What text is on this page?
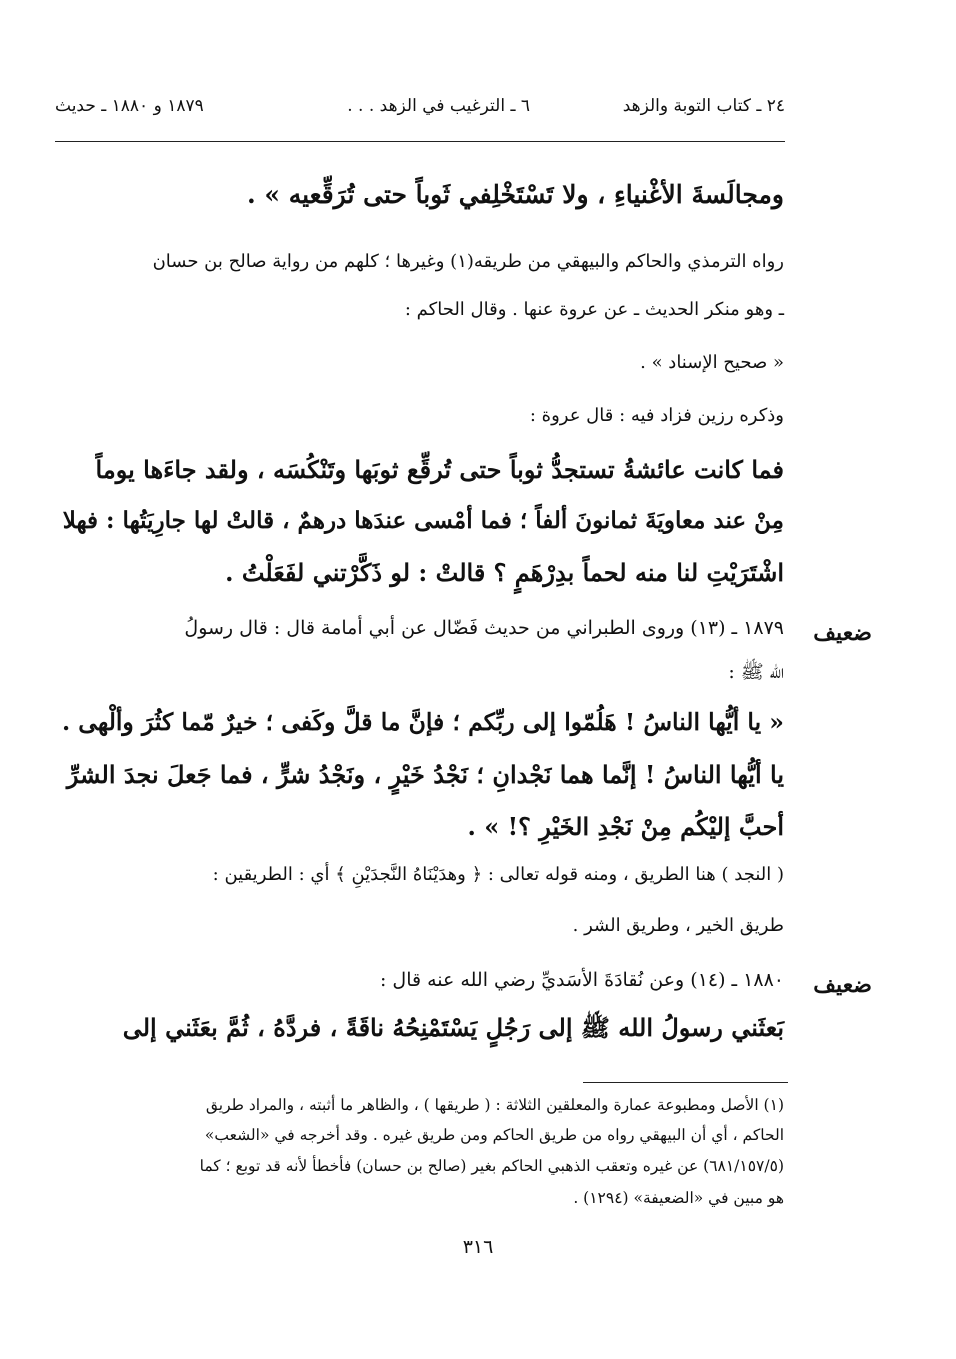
٢٤ ـ كتاب التوبة والزهد
٦ ـ الترغيب في الزهد . . .
١٨٧٩ و ١٨٨٠ ـ حديث
ومجالَسةَ الأغْنياءِ ، ولا تَسْتَخْلِفي ثَوباً حتى تُرَقِّعيه » .
رواه الترمذي والحاكم والبيهقي من طريقه(١) وغيرها ؛ كلهم من رواية صالح بن حسان
ـ وهو منكر الحديث ـ عن عروة عنها . وقال الحاكم :
« صحيح الإسناد » .
وذكره رزين فزاد فيه : قال عروة :
فما كانت عائشةُ تستجدُّ ثوباً حتى تُرقِّع ثوبَها وتَنْكُسَه ، ولقد جاءَها يوماً
مِنْ عند معاويَةَ ثمانونَ ألفاً ؛ فما أمْسى عندَها درهمٌ ، قالتْ لها جارِيَتُها : فهلا
اشْتَرَيْتِ لنا منه لحماً بدِرْهَمٍ ؟ قالتْ : لو ذَكَّرْتني لفَعَلْتُ .
ضعيف
١٨٧٩ ـ (١٣) وروى الطبراني من حديث فَضّال عن أبي أمامة قال : قال رسولُ
الله ﷺ :
« يا أيُّها الناسُ ! هَلُمّوا إلى ربِّكم ؛ فإنَّ ما قلَّ وكَفى ؛ خيرٌ مّما كثُرَ وألْهى .
يا أيُّها الناسُ ! إنَّما هما نَجْدانِ ؛ نَجْدُ خَيْرٍ ، ونَجْدُ شرٍّ ، فما جَعلَ نجدَ الشرِّ
أحبَّ إليْكُم مِنْ نَجْدِ الخَيْرِ ؟! » .
( النجد ) هنا الطريق ، ومنه قوله تعالى : ﴿ وهدَيْنَاهُ النَّجدَيْنِ ﴾ أي : الطريقين :
طريق الخير ، وطريق الشر .
ضعيف
١٨٨٠ ـ (١٤) وعن نُقادَةَ الأسَديِّ رضي الله عنه قال :
بَعثَني رسولُ الله ﷺ إلى رَجُلٍ يَسْتَمْنِحُهُ ناقَةً ، فردَّهُ ، ثُمَّ بعَثَني إلى
(١) الأصل ومطبوعة عمارة والمعلقين الثلاثة : ( طريقها ) ، والظاهر ما أثبته ، والمراد طريق
الحاكم ، أي أن البيهقي رواه من طريق الحاكم ومن طريق غيره . وقد أخرجه في «الشعب»
(٦٨١/١٥٧/٥) عن غيره وتعقب الذهبي الحاكم بغير (صالح بن حسان) فأخطأ لأنه قد توبع ؛ كما
هو مبين في «الضعيفة» (١٢٩٤) .
٣١٦
